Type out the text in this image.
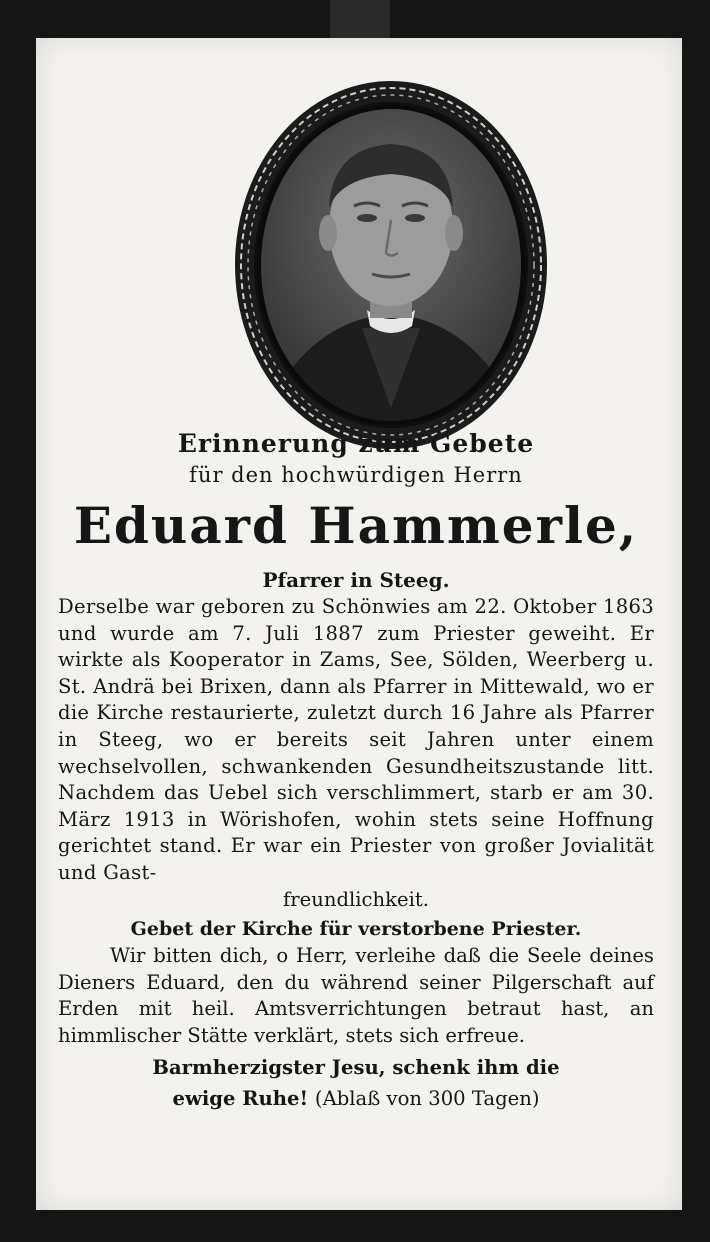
Erinnerung zum Gebete

für den hochwürdigen Herrn

Eduard Hammerle,

Pfarrer in Steeg.

Derselbe war geboren zu Schönwies am 22. Oktober 1863 und wurde am 7. Juli 1887 zum Priester geweiht. Er wirkte als Kooperator in Zams, See, Sölden, Weerberg u. St. Andrä bei Brixen, dann als Pfarrer in Mittewald, wo er die Kirche restaurierte, zuletzt durch 16 Jahre als Pfarrer in Steeg, wo er bereits seit Jahren unter einem wechselvollen, schwankenden Gesundheitszustande litt. Nachdem das Uebel sich verschlimmert, starb er am 30. März 1913 in Wörishofen, wohin stets seine Hoffnung gerichtet stand. Er war ein Priester von großer Jovialität und Gast-

freundlichkeit.

Gebet der Kirche für verstorbene Priester.

Wir bitten dich, o Herr, verleihe daß die Seele deines Dieners Eduard, den du während seiner Pilgerschaft auf Erden mit heil. Amtsverrichtungen betraut hast, an himmlischer Stätte verklärt, stets sich erfreue.

Barmherzigster Jesu, schenk ihm die

ewige Ruhe! (Ablaß von 300 Tagen)
